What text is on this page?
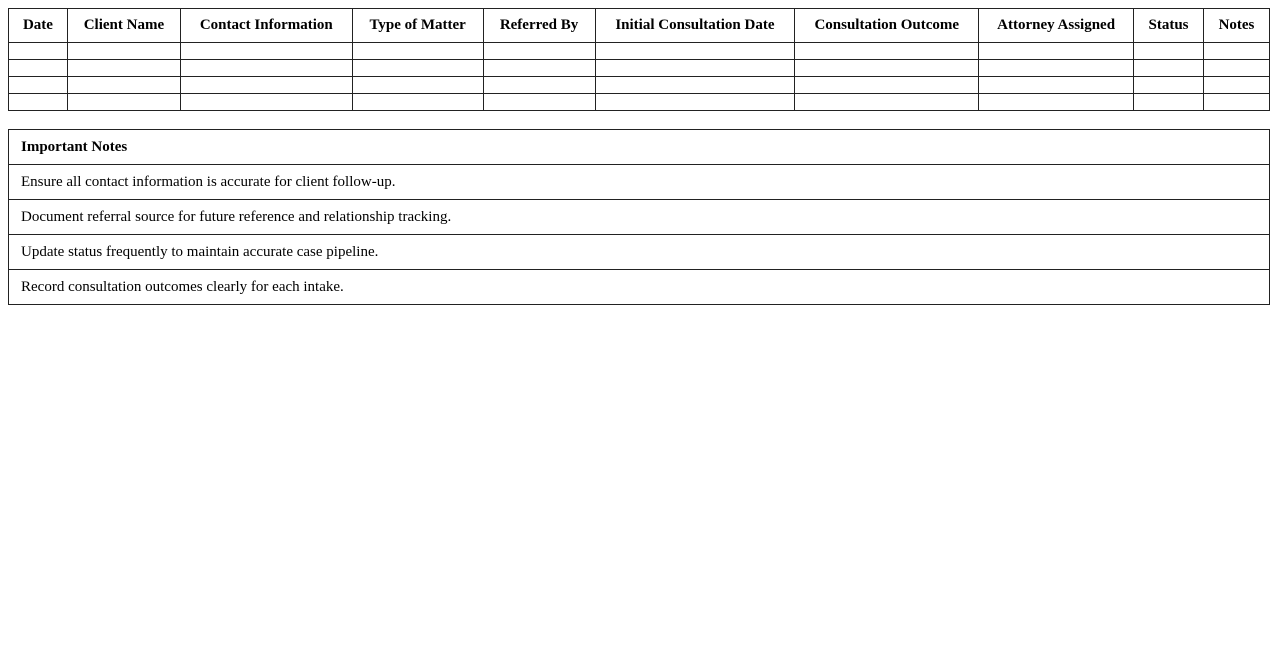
Date	Client Name	Contact Information	Type of Matter	Referred By	Initial Consultation Date	Consultation Outcome	Attorney Assigned	Status	Notes

Important Notes
Ensure all contact information is accurate for client follow-up.
Document referral source for future reference and relationship tracking.
Update status frequently to maintain accurate case pipeline.
Record consultation outcomes clearly for each intake.
